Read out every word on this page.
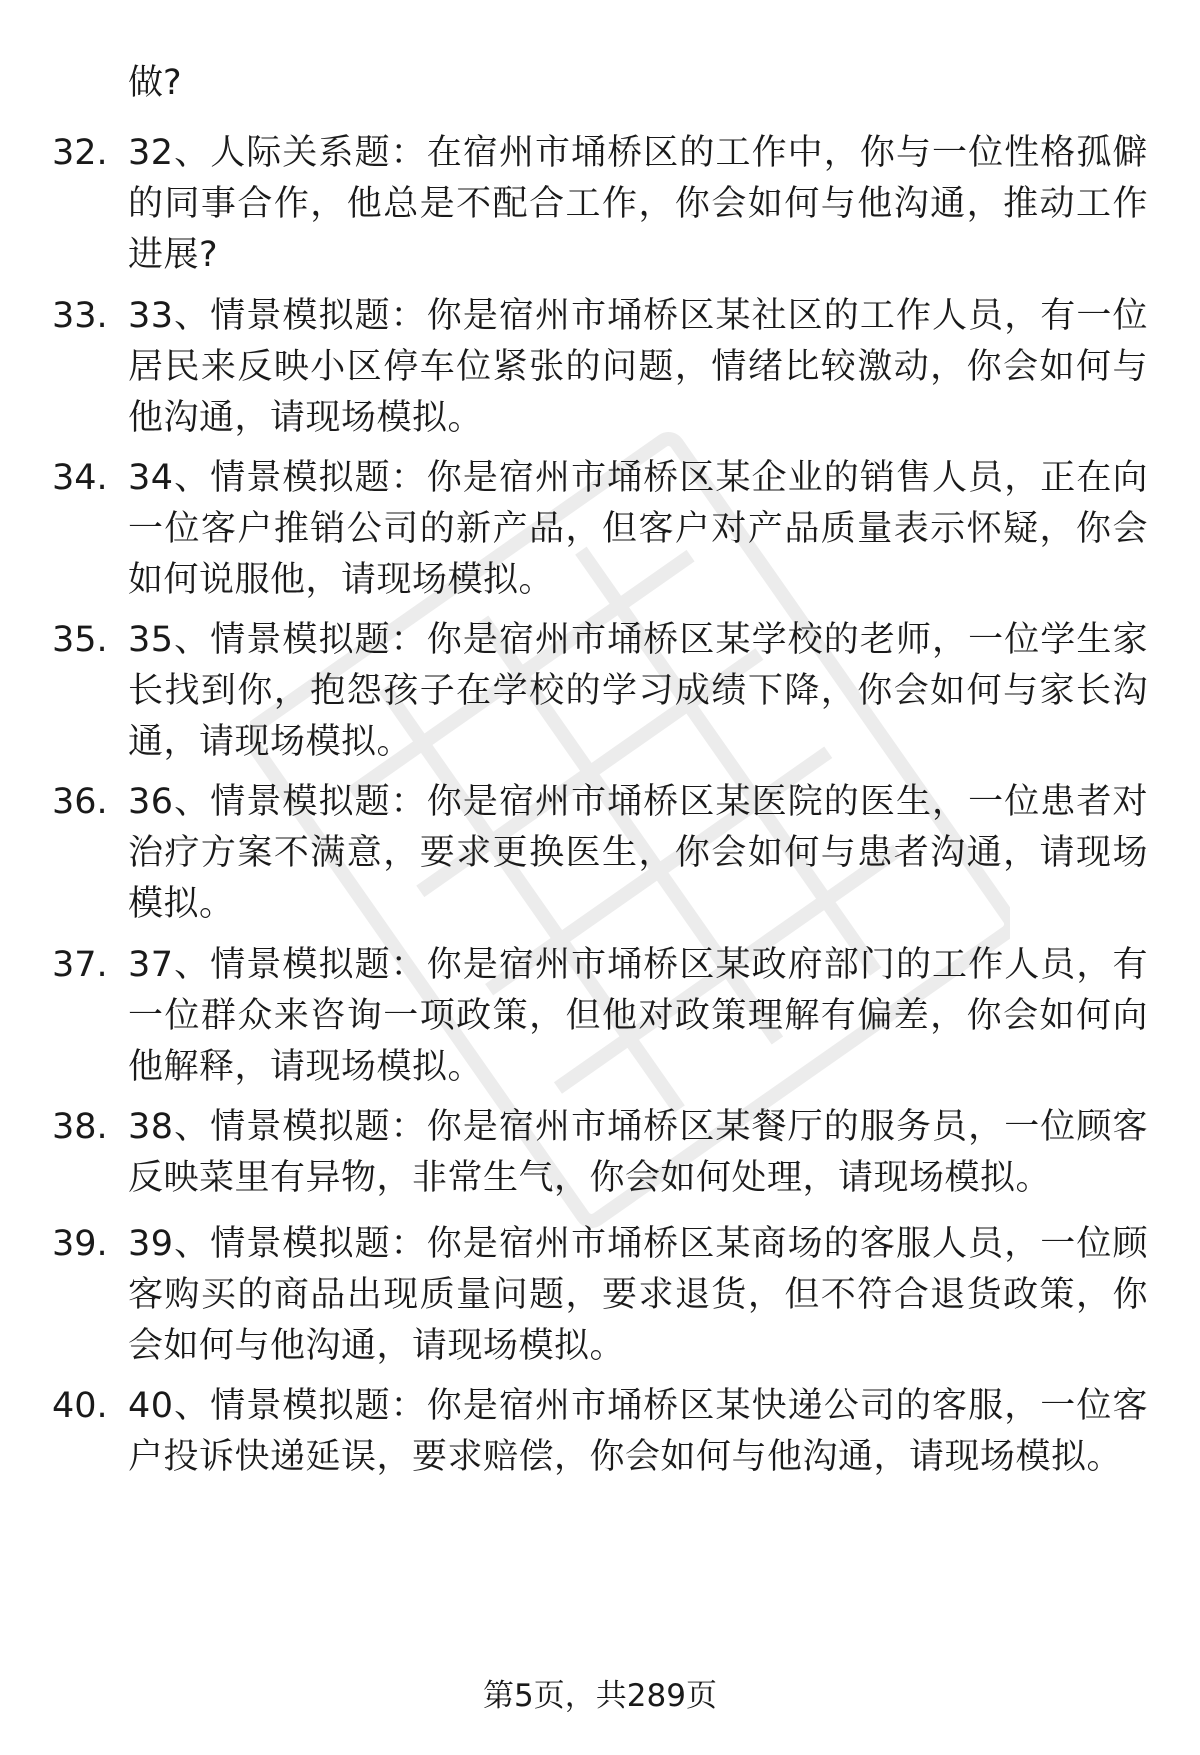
做?
32. 32、人际关系题：在宿州市埇桥区的工作中，你与一位性格孤僻的同事合作，他总是不配合工作，你会如何与他沟通，推动工作进展?
33. 33、情景模拟题：你是宿州市埇桥区某社区的工作人员，有一位居民来反映小区停车位紧张的问题，情绪比较激动，你会如何与他沟通，请现场模拟。
34. 34、情景模拟题：你是宿州市埇桥区某企业的销售人员，正在向一位客户推销公司的新产品，但客户对产品质量表示怀疑，你会如何说服他，请现场模拟。
35. 35、情景模拟题：你是宿州市埇桥区某学校的老师，一位学生家长找到你，抱怨孩子在学校的学习成绩下降，你会如何与家长沟通，请现场模拟。
36. 36、情景模拟题：你是宿州市埇桥区某医院的医生，一位患者对治疗方案不满意，要求更换医生，你会如何与患者沟通，请现场模拟。
37. 37、情景模拟题：你是宿州市埇桥区某政府部门的工作人员，有一位群众来咨询一项政策，但他对政策理解有偏差，你会如何向他解释，请现场模拟。
38. 38、情景模拟题：你是宿州市埇桥区某餐厅的服务员，一位顾客反映菜里有异物，非常生气，你会如何处理，请现场模拟。
39. 39、情景模拟题：你是宿州市埇桥区某商场的客服人员，一位顾客购买的商品出现质量问题，要求退货，但不符合退货政策，你会如何与他沟通，请现场模拟。
40. 40、情景模拟题：你是宿州市埇桥区某快递公司的客服，一位客户投诉快递延误，要求赔偿，你会如何与他沟通，请现场模拟。
第5页，共289页
